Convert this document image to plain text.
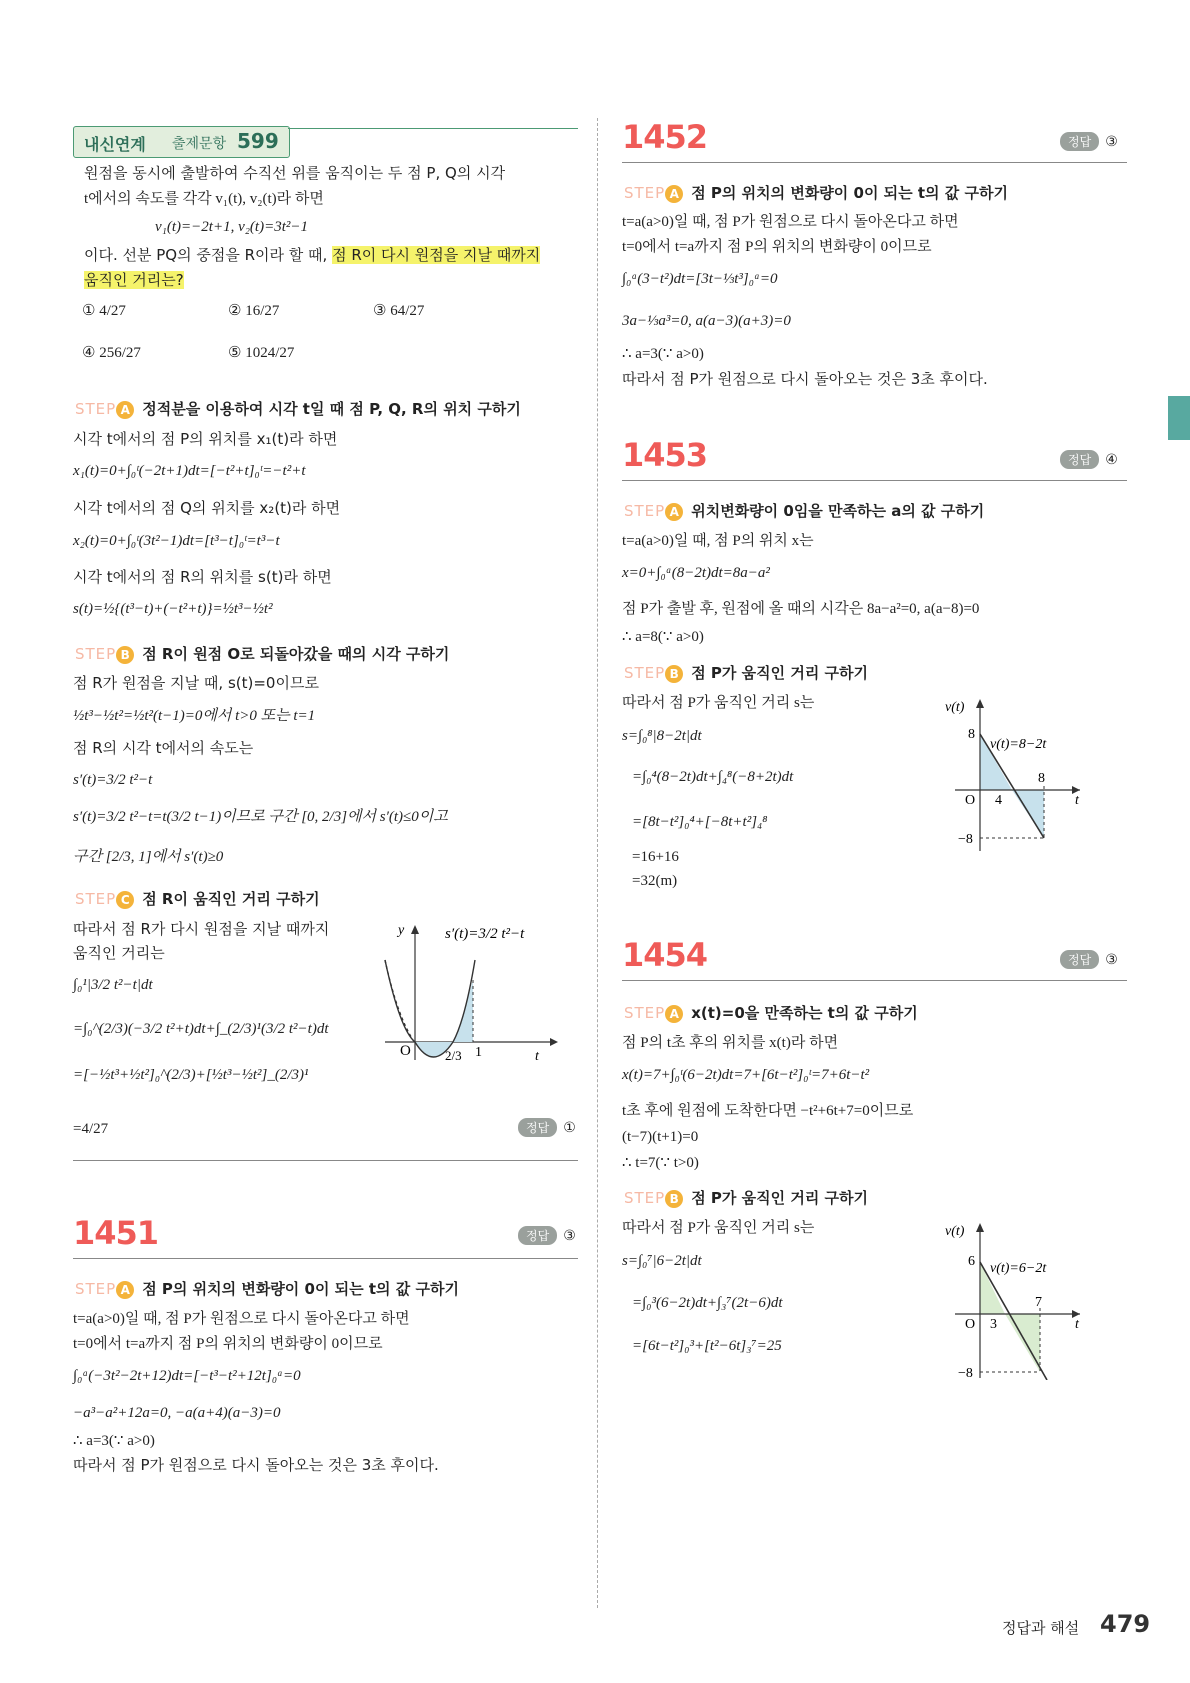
내신연계 출제문항 599
원점을 동시에 출발하여 수직선 위를 움직이는 두 점 P, Q의 시각
t에서의 속도를 각각 v₁(t), v₂(t)라 하면
v₁(t)=−2t+1, v₂(t)=3t²−1
이다. 선분 PQ의 중점을 R이라 할 때, 점 R이 다시 원점을 지날 때까지
움직인 거리는?
① 4/27	② 16/27	③ 64/27
④ 256/27	⑤ 1024/27
STEP A 정적분을 이용하여 시각 t일 때 점 P, Q, R의 위치 구하기
시각 t에서의 점 P의 위치를 x₁(t)라 하면
x₁(t)=0+∫₀ᵗ(−2t+1)dt=[−t²+t]₀ᵗ=−t²+t
시각 t에서의 점 Q의 위치를 x₂(t)라 하면
x₂(t)=0+∫₀ᵗ(3t²−1)dt=[t³−t]₀ᵗ=t³−t
시각 t에서의 점 R의 위치를 s(t)라 하면
s(t)=½{(t³−t)+(−t²+t)}=½t³−½t²
STEP B 점 R이 원점 O로 되돌아갔을 때의 시각 구하기
점 R가 원점을 지날 때, s(t)=0이므로
½t³−½t²=½t²(t−1)=0에서 t>0 또는 t=1
점 R의 시각 t에서의 속도는
s′(t)=3/2 t²−t
s′(t)=3/2 t²−t=t(3/2 t−1)이므로 구간 [0, 2/3]에서 s′(t)≤0이고
구간 [2/3, 1]에서 s′(t)≥0
STEP C 점 R이 움직인 거리 구하기
따라서 점 R가 다시 원점을 지날 때까지
움직인 거리는
∫₀¹|3/2 t²−t|dt
=∫₀^(2/3)(−3/2 t²+t)dt+∫_(2/3)¹(3/2 t²−t)dt
=[−½t³+½t²]₀^(2/3)+[½t³−½t²]_(2/3)¹
=4/27
y
O	t
2/3 1
s′(t)=3/2 t²−t
정답 ①
1451	정답 ③
STEP A 점 P의 위치의 변화량이 0이 되는 t의 값 구하기
t=a(a>0)일 때, 점 P가 원점으로 다시 돌아온다고 하면
t=0에서 t=a까지 점 P의 위치의 변화량이 0이므로
∫₀ᵃ(−3t²−2t+12)dt=[−t³−t²+12t]₀ᵃ=0
−a³−a²+12a=0, −a(a+4)(a−3)=0
∴ a=3(∵ a>0)
따라서 점 P가 원점으로 다시 돌아오는 것은 3초 후이다.
1452	정답 ③
STEP A 점 P의 위치의 변화량이 0이 되는 t의 값 구하기
t=a(a>0)일 때, 점 P가 원점으로 다시 돌아온다고 하면
t=0에서 t=a까지 점 P의 위치의 변화량이 0이므로
∫₀ᵃ(3−t²)dt=[3t−⅓t³]₀ᵃ=0
3a−⅓a³=0, a(a−3)(a+3)=0
∴ a=3(∵ a>0)
따라서 점 P가 원점으로 다시 돌아오는 것은 3초 후이다.
1453	정답 ④
STEP A 위치변화량이 0임을 만족하는 a의 값 구하기
t=a(a>0)일 때, 점 P의 위치 x는
x=0+∫₀ᵃ(8−2t)dt=8a−a²
점 P가 출발 후, 원점에 올 때의 시각은 8a−a²=0, a(a−8)=0
∴ a=8(∵ a>0)
STEP B 점 P가 움직인 거리 구하기
따라서 점 P가 움직인 거리 s는
s=∫₀⁸|8−2t|dt
=∫₀⁴(8−2t)dt+∫₄⁸(−8+2t)dt
=[8t−t²]₀⁴+[−8t+t²]₄⁸
=16+16
=32(m)
v(t)
8
v(t)=8−2t
O 4
8
t
−8
1454	정답 ③
STEP A x(t)=0을 만족하는 t의 값 구하기
점 P의 t초 후의 위치를 x(t)라 하면
x(t)=7+∫₀ᵗ(6−2t)dt=7+[6t−t²]₀ᵗ=7+6t−t²
t초 후에 원점에 도착한다면 −t²+6t+7=0이므로
(t−7)(t+1)=0
∴ t=7(∵ t>0)
STEP B 점 P가 움직인 거리 구하기
따라서 점 P가 움직인 거리 s는
s=∫₀⁷|6−2t|dt
=∫₀³(6−2t)dt+∫₃⁷(2t−6)dt
=[6t−t²]₀³+[t²−6t]₃⁷=25
v(t)
6 v(t)=6−2t
O 3
7
t
−8
정답과 해설 479
